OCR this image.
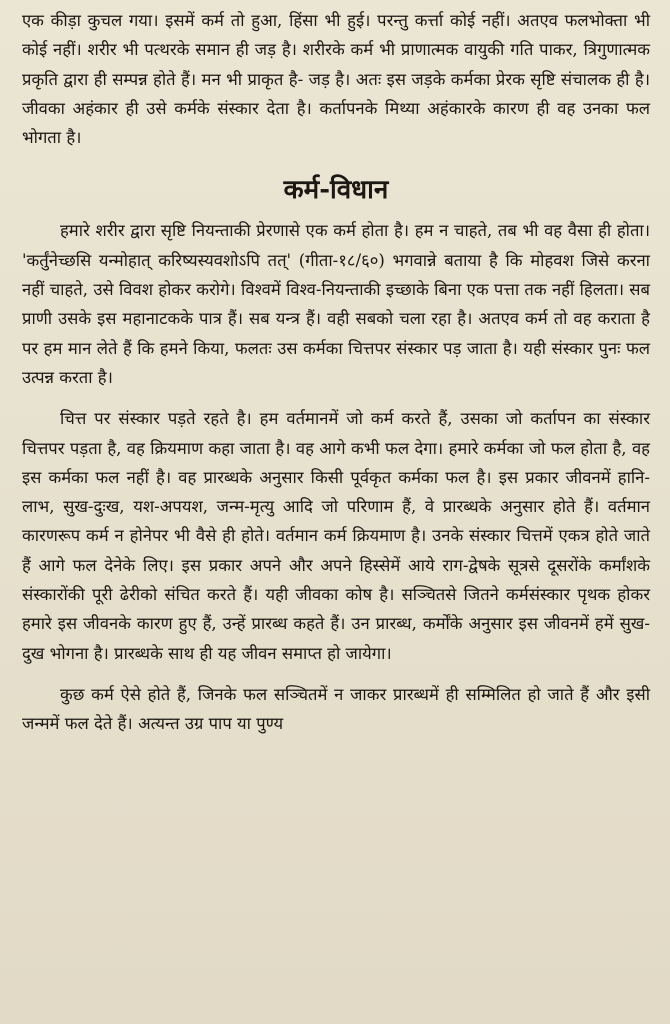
एक कीड़ा कुचल गया। इसमें कर्म तो हुआ, हिंसा भी हुई। परन्तु कर्त्ता कोई नहीं। अतएव फलभोक्ता भी कोई नहीं। शरीर भी पत्थरके समान ही जड़ है। शरीरके कर्म भी प्राणात्मक वायुकी गति पाकर, त्रिगुणात्मक प्रकृति द्वारा ही सम्पन्न होते हैं। मन भी प्राकृत है- जड़ है। अतः इस जड़के कर्मका प्रेरक सृष्टि संचालक ही है। जीवका अहंकार ही उसे कर्मके संस्कार देता है। कर्तापनके मिथ्या अहंकारके कारण ही वह उनका फल भोगता है।

कर्म-विधान

हमारे शरीर द्वारा सृष्टि नियन्ताकी प्रेरणासे एक कर्म होता है। हम न चाहते, तब भी वह वैसा ही होता। 'कर्तुंनेच्छसि यन्मोहात् करिष्यस्यवशोऽपि तत्' (गीता-१८/६०) भगवान्ने बताया है कि मोहवश जिसे करना नहीं चाहते, उसे विवश होकर करोगे। विश्वमें विश्व-नियन्ताकी इच्छाके बिना एक पत्ता तक नहीं हिलता। सब प्राणी उसके इस महानाटकके पात्र हैं। सब यन्त्र हैं। वही सबको चला रहा है। अतएव कर्म तो वह कराता है पर हम मान लेते हैं कि हमने किया, फलतः उस कर्मका चित्तपर संस्कार पड़ जाता है। यही संस्कार पुनः फल उत्पन्न करता है।

चित्त पर संस्कार पड़ते रहते है। हम वर्तमानमें जो कर्म करते हैं, उसका जो कर्तापन का संस्कार चित्तपर पड़ता है, वह क्रियमाण कहा जाता है। वह आगे कभी फल देगा। हमारे कर्मका जो फल होता है, वह इस कर्मका फल नहीं है। वह प्रारब्धके अनुसार किसी पूर्वकृत कर्मका फल है। इस प्रकार जीवनमें हानि-लाभ, सुख-दुःख, यश-अपयश, जन्म-मृत्यु आदि जो परिणाम हैं, वे प्रारब्धके अनुसार होते हैं। वर्तमान कारणरूप कर्म न होनेपर भी वैसे ही होते। वर्तमान कर्म क्रियमाण है। उनके संस्कार चित्तमें एकत्र होते जाते हैं आगे फल देनेके लिए। इस प्रकार अपने और अपने हिस्सेमें आये राग-द्वेषके सूत्रसे दूसरोंके कर्मांशके संस्कारोंकी पूरी ढेरीको संचित करते हैं। यही जीवका कोष है। सञ्चितसे जितने कर्मसंस्कार पृथक होकर हमारे इस जीवनके कारण हुए हैं, उन्हें प्रारब्ध कहते हैं। उन प्रारब्ध, कर्मोंके अनुसार इस जीवनमें हमें सुख-दुख भोगना है। प्रारब्धके साथ ही यह जीवन समाप्त हो जायेगा।

कुछ कर्म ऐसे होते हैं, जिनके फल सञ्चितमें न जाकर प्रारब्धमें ही सम्मिलित हो जाते हैं और इसी जन्ममें फल देते हैं। अत्यन्त उग्र पाप या पुण्य
